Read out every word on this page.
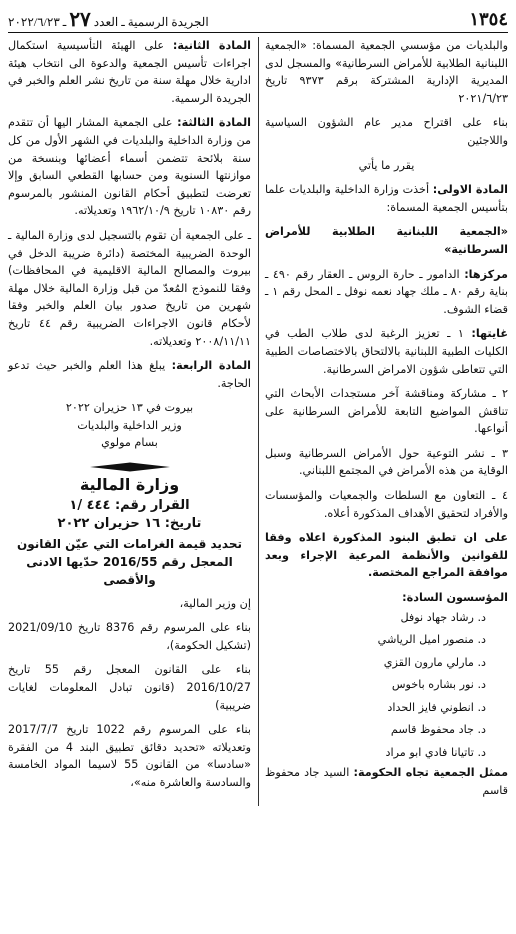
١٣٥٤
الجريدة الرسمية ـ العدد
٢٧
ـ ٢٠٢٢/٦/٢٣

والبلديات من مؤسسي الجمعية المسماة: «الجمعية اللبنانية الطلابية للأمراض السرطانية» والمسجل لدى المديرية الإدارية المشتركة برقم ٩٣٧٣ تاريخ ٢٠٢١/٦/٢٣

بناء على اقتراح مدير عام الشؤون السياسية واللاجئين

يقرر ما يأتي

المادة الاولى: أخذت وزارة الداخلية والبلديات علما بتأسيس الجمعية المسماة:

«الجمعية اللبنانية الطلابية للأمراض السرطانية»

مركزها: الدامور ـ حارة الروس ـ العقار رقم ٤٩٠ ـ بناية رقم ٨٠ ـ ملك جهاد نعمه نوفل ـ المحل رقم ١ ـ قضاء الشوف.

غايتها: ١ ـ تعزيز الرغبة لدى طلاب الطب في الكليات الطبية اللبنانية بالالتحاق بالاختصاصات الطبية التي تتعاطى شؤون الامراض السرطانية.

٢ ـ مشاركة ومناقشة آخر مستجدات الأبحاث التي تناقش المواضيع التابعة للأمراض السرطانية على أنواعها.

٣ ـ نشر التوعية حول الأمراض السرطانية وسبل الوقاية من هذه الأمراض في المجتمع اللبناني.

٤ ـ التعاون مع السلطات والجمعيات والمؤسسات والأفراد لتحقيق الأهداف المذكورة أعلاه.

على ان تطبق البنود المذكورة اعلاه وفقا للقوانين والأنظمة المرعية الإجراء وبعد موافقة المراجع المختصة.

المؤسسون السادة:

د. رشاد جهاد نوفل
د. منصور اميل الرياشي
د. مارلي مارون القزي
د. نور بشاره باخوس
د. انطوني فايز الحداد
د. جاد محفوظ قاسم
د. تاتيانا فادي ابو مراد

ممثل الجمعية تجاه الحكومة: السيد جاد محفوظ قاسم

المادة الثانية: على الهيئة التأسيسية استكمال اجراءات تأسيس الجمعية والدعوة الى انتخاب هيئة ادارية خلال مهلة سنة من تاريخ نشر العلم والخبر في الجريدة الرسمية.

المادة الثالثة: على الجمعية المشار اليها أن تتقدم من وزارة الداخلية والبلديات في الشهر الأول من كل سنة بلائحة تتضمن أسماء أعضائها وبنسخة من موازنتها السنوية ومن حسابها القطعي السابق وإلا تعرضت لتطبيق أحكام القانون المنشور بالمرسوم رقم ١٠٨٣٠ تاريخ ١٩٦٢/١٠/٩ وتعديلاته.

ـ على الجمعية أن تقوم بالتسجيل لدى وزارة المالية ـ الوحدة الضريبية المختصة (دائرة ضريبة الدخل في بيروت والمصالح المالية الاقليمية في المحافظات) وفقا للنموذج المُعدّ من قبل وزارة المالية خلال مهلة شهرين من تاريخ صدور بيان العلم والخبر وفقا لأحكام قانون الاجراءات الضريبية رقم ٤٤ تاريخ ٢٠٠٨/١١/١١ وتعديلاته.

المادة الرابعة: يبلغ هذا العلم والخبر حيث تدعو الحاجة.

بيروت في ١٣ حزيران ٢٠٢٢

وزير الداخلية والبلديات

بسام مولوي

وزارة المالية

القرار رقم: ٤٤٤ /١

تاريخ: ١٦ حزيران ٢٠٢٢

تحديد قيمة الغرامات التي عيّن القانون المعجل رقم 2016/55 حدّيها الادنى والأقصى

إن وزير المالية،

بناء على المرسوم رقم 8376 تاريخ 2021/09/10 (تشكيل الحكومة)،

بناء على القانون المعجل رقم 55 تاريخ 2016/10/27 (قانون تبادل المعلومات لغايات ضريبية)

بناء على المرسوم رقم 1022 تاريخ 2017/7/7 وتعديلاته «تحديد دقائق تطبيق البند 4 من الفقرة «سادسا» من القانون 55 لاسيما المواد الخامسة والسادسة والعاشرة منه»،
